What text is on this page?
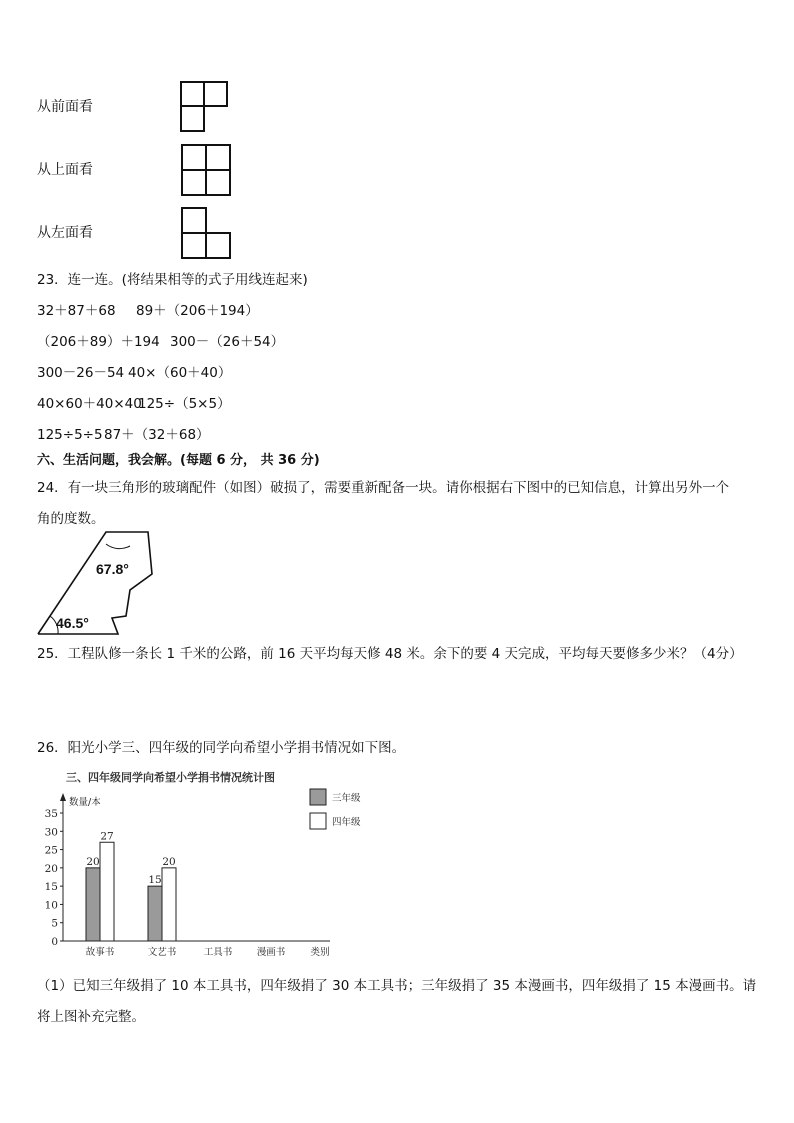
从前面看
从上面看
从左面看
23．连一连。(将结果相等的式子用线连起来)
32＋87＋68 89＋（206＋194）
（206＋89）＋194 300－（26＋54）
300－26－54 40×（60＋40）
40×60＋40×40
125÷（5×5）
125÷5÷5 87＋（32＋68）
六、生活问题，我会解。(每题 6 分， 共 36 分)
24．有一块三角形的玻璃配件（如图）破损了，需要重新配备一块。请你根据右下图中的已知信息，计算出另外一个
角的度数。
67.8°
46.5°
25．工程队修一条长 1 千米的公路，前 16 天平均每天修 48 米。余下的要 4 天完成，平均每天要修多少米？（4分）
26．阳光小学三、四年级的同学向希望小学捐书情况如下图。
三、四年级同学向希望小学捐书情况统计图
数量/本
0
5
10
15
20
25
30
35
故事书	文艺书	工具书	漫画书	类别
20
15
27
20
三年级
四年级
（1）已知三年级捐了 10 本工具书，四年级捐了 30 本工具书；三年级捐了 35 本漫画书，四年级捐了 15 本漫画书。请
将上图补充完整。
